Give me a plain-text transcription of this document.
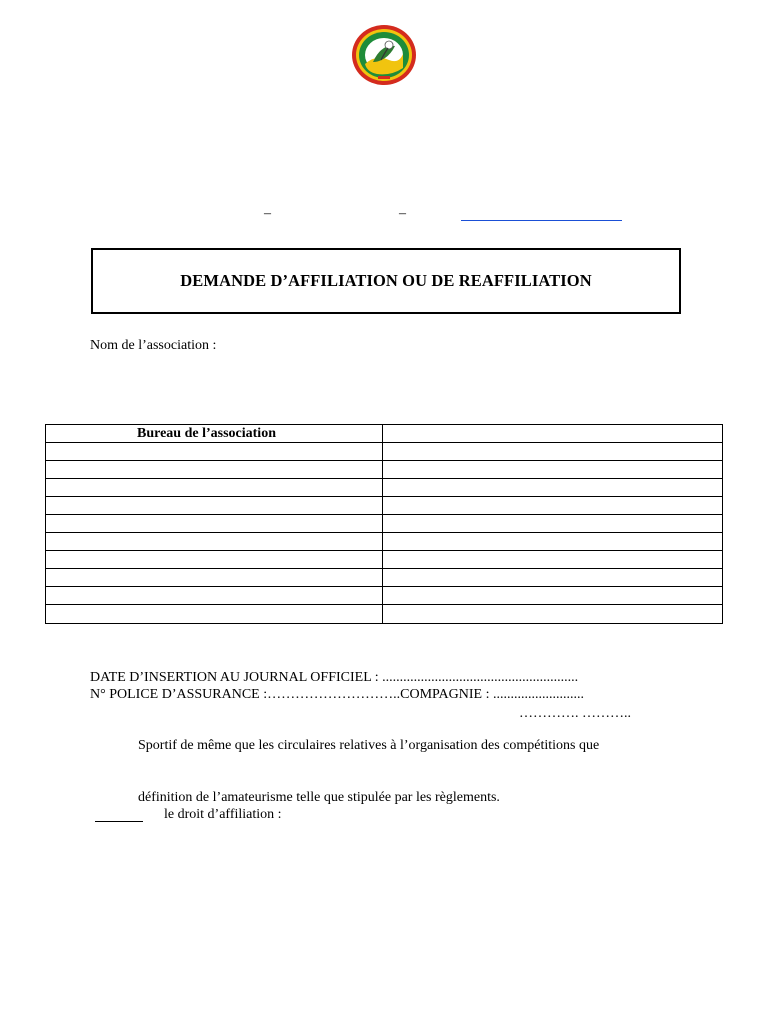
–	–
DEMANDE D’AFFILIATION OU DE REAFFILIATION
Nom de l’association :
Bureau de l’association	

DATE D’INSERTION AU JOURNAL OFFICIEL : ........................................................
N° POLICE D’ASSURANCE :………………………..COMPAGNIE : ..........................
…………. ………..
Sportif de même que les circulaires relatives à l’organisation des compétitions que
définition de l’amateurisme telle que stipulée par les règlements.
le droit d’affiliation :
